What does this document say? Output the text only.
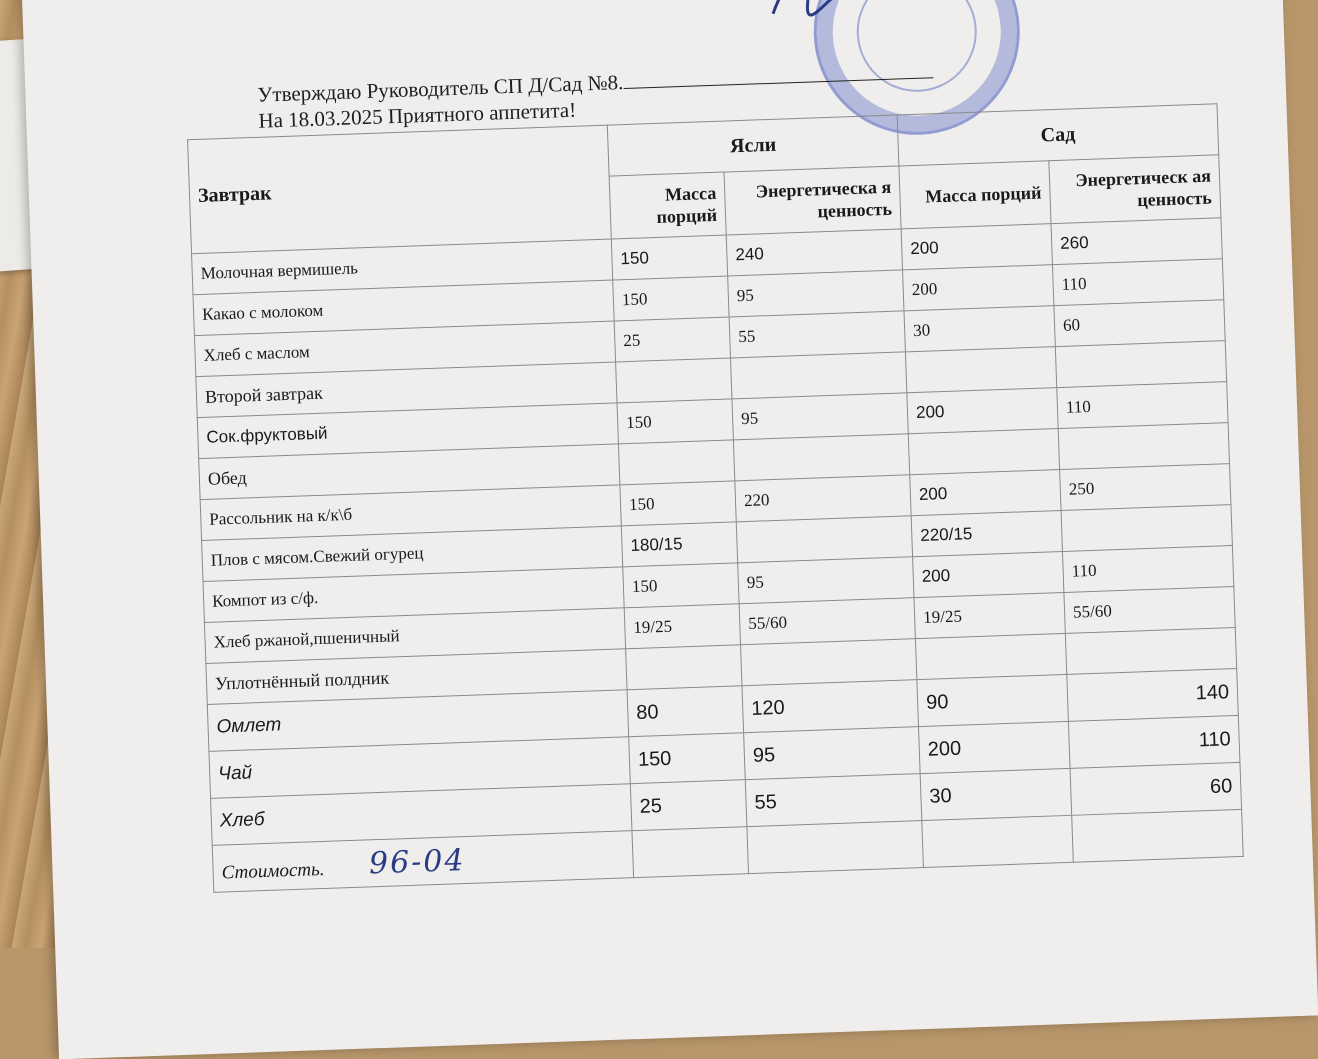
Утверждаю Руководитель СП Д/Сад №8.
На 18.03.2025 Приятного аппетита!
Завтрак	Ясли		Сад	
	Масса порций	Энергетическа я ценность	Масса порций	Энергетическ ая ценность
Молочная вермишель	150	240	200	260
Какао с молоком	150	95	200	110
Хлеб с маслом	25	55	30	60
Второй завтрак				
Сок.фруктовый	150	95	200	110
Обед				
Рассольник на к/к\б	150	220	200	250
Плов с мясом.Свежий огурец	180/15		220/15	
Компот из с/ф.	150	95	200	110
Хлеб ржаной,пшеничный	19/25	55/60	19/25	55/60
Уплотнённый полдник				
Омлет	80	120	90	140
Чай	150	95	200	110
Хлеб	25	55	30	60
Стоимость. 96-04				
